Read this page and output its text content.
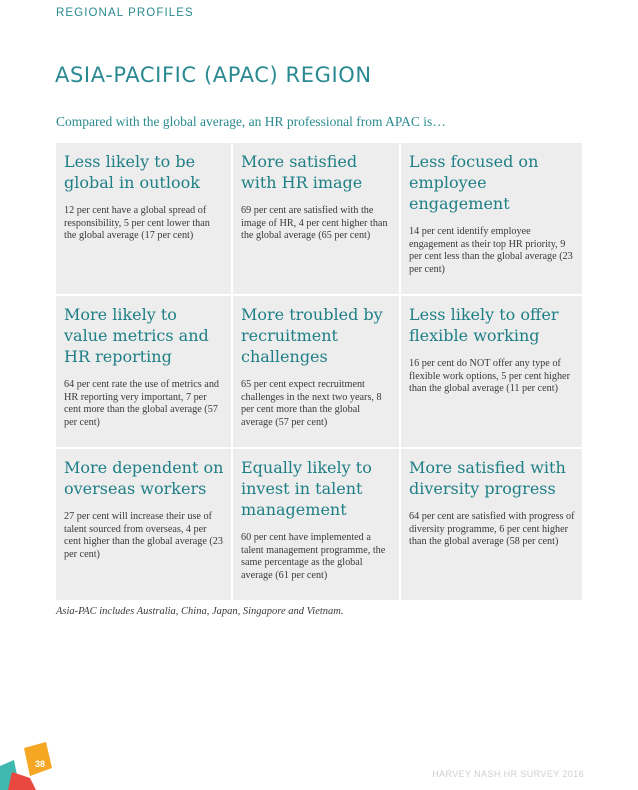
REGIONAL PROFILES
ASIA-PACIFIC (APAC) REGION
Compared with the global average, an HR professional from APAC is…

Less likely to be global in outlook

12 per cent have a global spread of responsibility, 5 per cent lower than the global average (17 per cent)

More satisfied with HR image

69 per cent are satisfied with the image of HR, 4 per cent higher than the global average (65 per cent)

Less focused on employee engagement

14 per cent identify employee engagement as their top HR priority, 9 per cent less than the global average (23 per cent)

More likely to value metrics and HR reporting

64 per cent rate the use of metrics and HR reporting very important, 7 per cent more than the global average (57 per cent)

More troubled by recruitment challenges

65 per cent expect recruitment challenges in the next two years, 8 per cent more than the global average (57 per cent)

Less likely to offer flexible working

16 per cent do NOT offer any type of flexible work options, 5 per cent higher than the global average (11 per cent)

More dependent on overseas workers

27 per cent will increase their use of talent sourced from overseas, 4 per cent higher than the global average (23 per cent)

Equally likely to invest in talent management

60 per cent have implemented a talent management programme, the same percentage as the global average (61 per cent)

More satisfied with diversity progress

64 per cent are satisfied with progress of diversity programme, 6 per cent higher than the global average (58 per cent)

Asia-PAC includes Australia, China, Japan, Singapore and Vietnam.
38
HARVEY NASH HR SURVEY 2016
